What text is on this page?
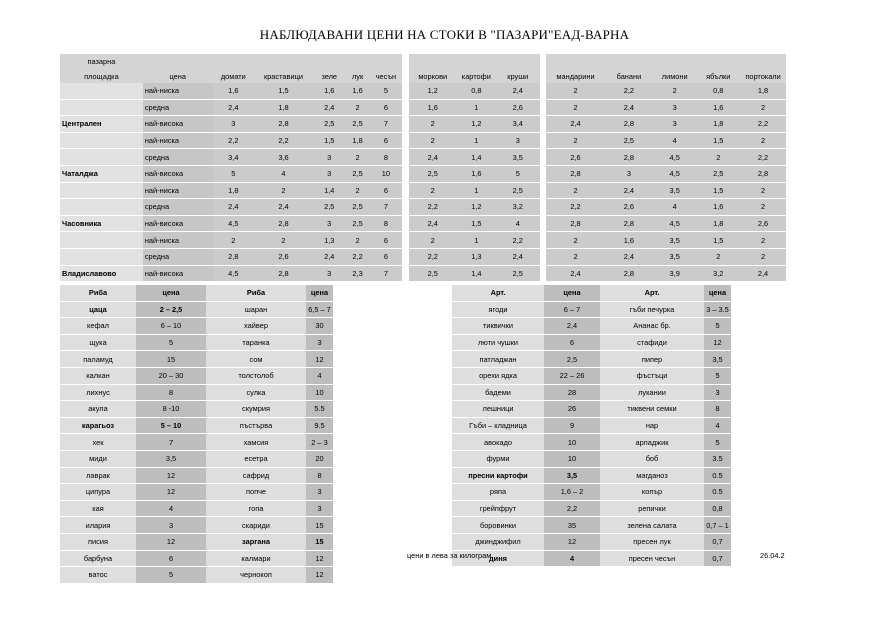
НАБЛЮДАВАНИ ЦЕНИ НА СТОКИ В "ПАЗАРИ"ЕАД-ВАРНА
пазарна																
площадка	цена	домати	краставици	зеле	лук	чесън		моркови	картофи	круши		мандарини	банани	лимони	ябълки	портокали
	най-ниска	1,6	1,5	1,6	1,6	5		1,2	0,8	2,4		2	2,2	2	0,8	1,8
	средна	2,4	1,8	2,4	2	6		1,6	1	2,6		2	2,4	3	1,6	2
Централен	най-висока	3	2,8	2,5	2,5	7		2	1,2	3,4		2,4	2,8	3	1,8	2,2
	най-ниска	2,2	2,2	1,5	1,8	6		2	1	3		2	2,5	4	1,5	2
	средна	3,4	3,6	3	2	8		2,4	1,4	3,5		2,6	2,8	4,5	2	2,2
Чаталджа	най-висока	5	4	3	2,5	10		2,5	1,6	5		2,8	3	4,5	2,5	2,8
	най-ниска	1,8	2	1,4	2	6		2	1	2,5		2	2,4	3,5	1,5	2
	средна	2,4	2,4	2,5	2,5	7		2,2	1,2	3,2		2,2	2,6	4	1,6	2
Часовника	най-висока	4,5	2,8	3	2,5	8		2,4	1,5	4		2,8	2,8	4,5	1,8	2,6
	най-ниска	2	2	1,3	2	6		2	1	2,2		2	1,6	3,5	1,5	2
	средна	2,8	2,6	2,4	2,2	6		2,2	1,3	2,4		2	2,4	3,5	2	2
Владиславово	най-висока	4,5	2,8	3	2,3	7		2,5	1,4	2,5		2,4	2,8	3,9	3,2	2,4
Риба	цена	Риба	цена
цаца	2 – 2,5	шаран	6,5 – 7
кефал	6 – 10	хайвер	30
щука	5	таранка	3
паламуд	15	сом	12
калкан	20 – 30	толстолоб	4
лихнус	8	сулка	10
акула	8 -10	скумрия	5.5
карагьоз	5 – 10	пъстърва	9.5
хек	7	хамсия	2 – 3
миди	3,5	есетра	20
лаврак	12	сафрид	8
ципура	12	попчe	3
кая	4	гопа	3
илария	3	скариди	15
писия	12	заргана	15
барбуна	6	калмари	12
ватос	5	чернокоп	12
Арт.	цена	Арт.	цена
ягоди	6 – 7	гъби печурка	3 – 3.5
тиквички	2,4	Ананас бр.	5
люти чушки	6	стафиди	12
патладжан	2,5	пипер	3,5
орехи ядка	22 – 26	фъстъци	5
бадеми	28	лукании	3
лешници	26	тиквени семки	8
Гъби – кладница	9	нар	4
авокадо	10	арпаджик	5
фурми	10	боб	3.5
пресни картофи	3,5	магданоз	0.5
ряпа	1,6 – 2	копър	0.5
грейпфрут	2,2	репички	0,8
боровинки	35	зелена салата	0,7 – 1
джинджифил	12	пресен лук	0,7
диня	4	пресен чесън	0,7
цени в лева за килограм	26.04.2
